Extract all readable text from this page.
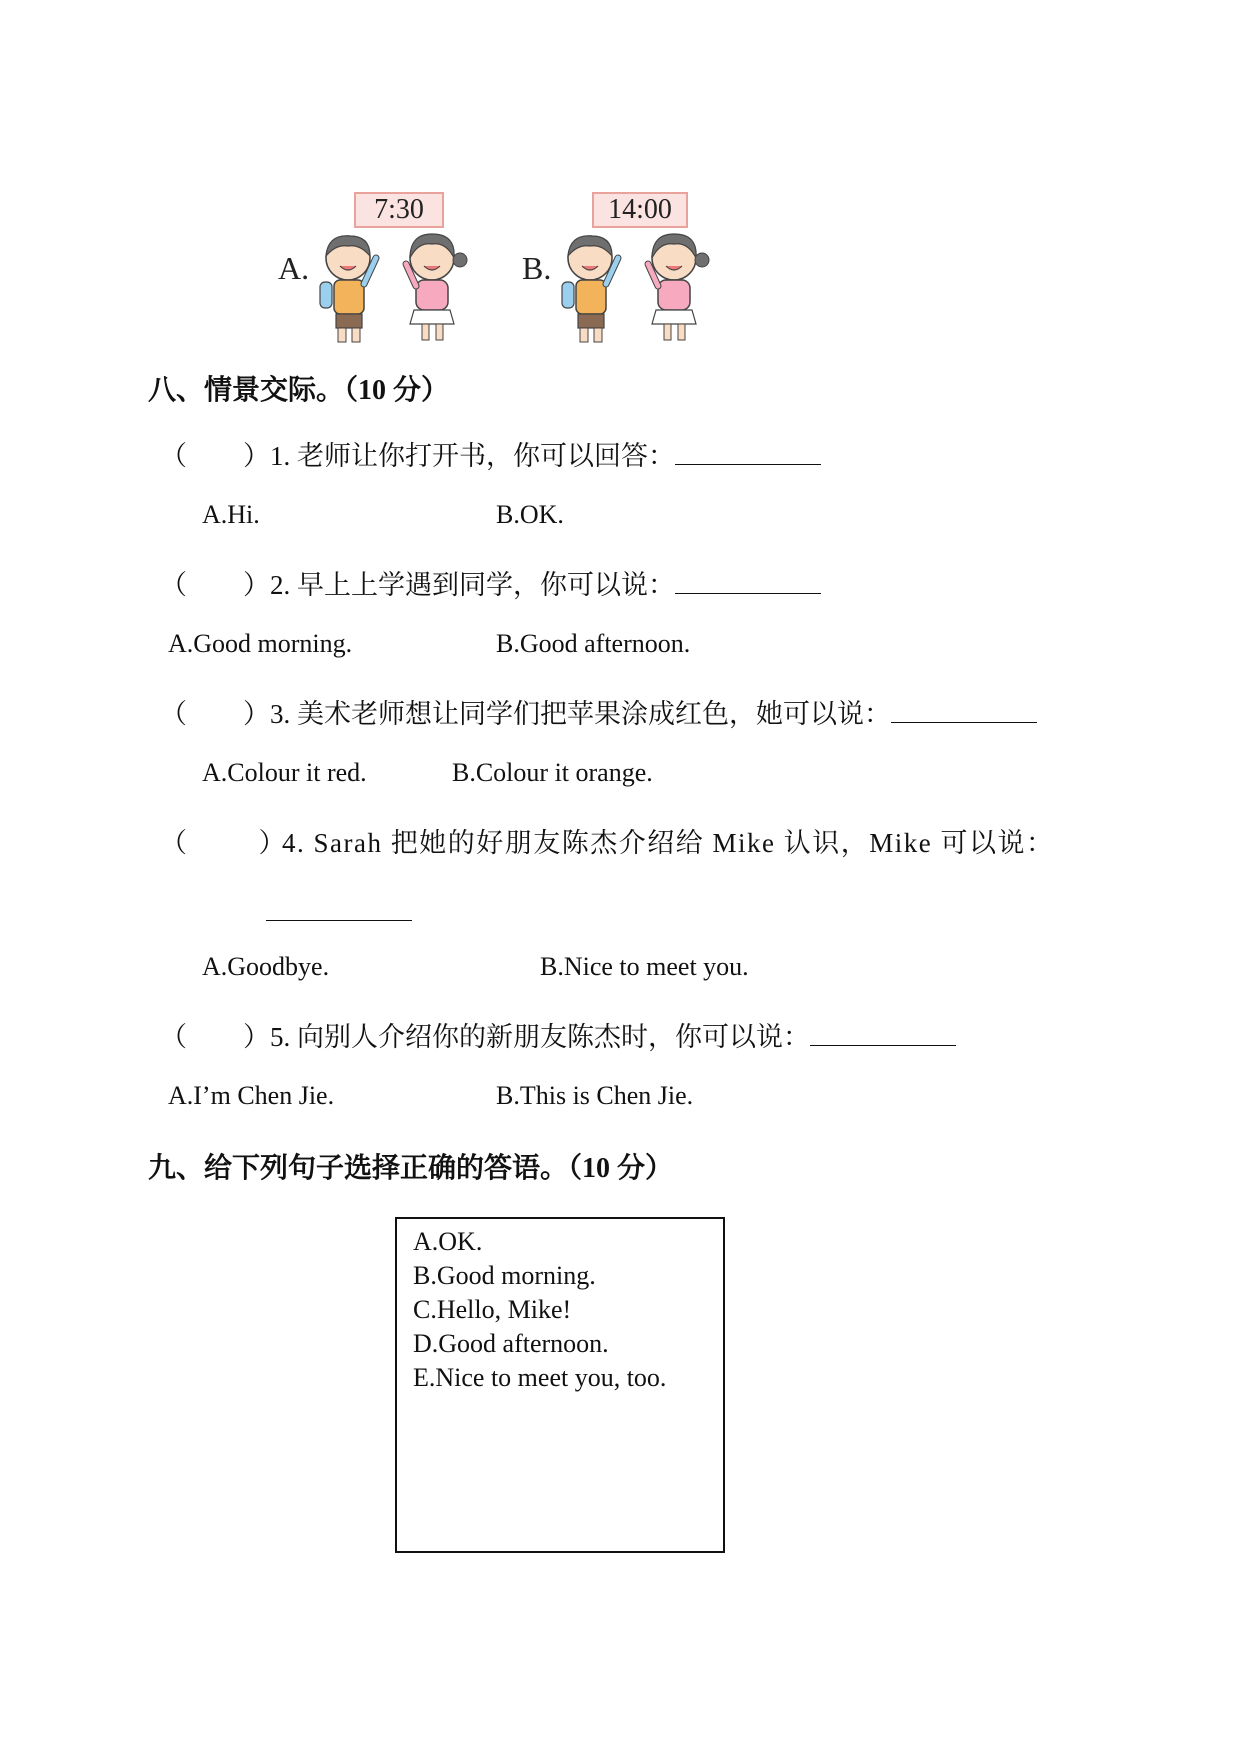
A.
7:30
B.
14:00
八、情景交际。（10 分）
（ ）1. 老师让你打开书，你可以回答：
A.Hi.	B.OK.
（ ）2. 早上上学遇到同学，你可以说：
A.Good morning.	B.Good afternoon.
（ ）3. 美术老师想让同学们把苹果涂成红色，她可以说：
A.Colour it red.	B.Colour it orange.
（	）4. Sarah 把她的好朋友陈杰介绍给 Mike 认识，Mike 可以说：
A.Goodbye.	B.Nice to meet you.
（ ）5. 向别人介绍你的新朋友陈杰时，你可以说：
A.I’m Chen Jie.	B.This is Chen Jie.
九、给下列句子选择正确的答语。（10 分）
A.OK.
B.Good morning.
C.Hello, Mike!
D.Good afternoon.
E.Nice to meet you, too.
